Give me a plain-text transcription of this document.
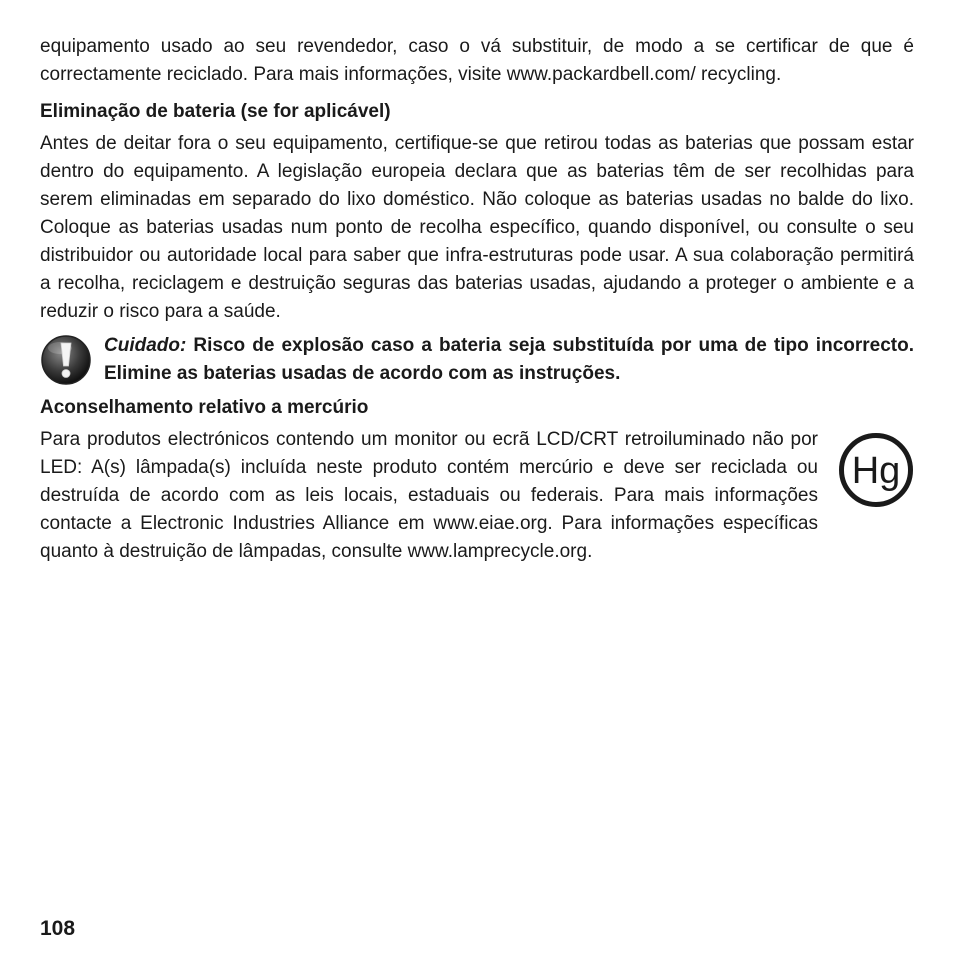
equipamento usado ao seu revendedor, caso o vá substituir, de modo a se certificar de que é correctamente reciclado. Para mais informações, visite www.packardbell.com/ recycling.

Eliminação de bateria (se for aplicável)

Antes de deitar fora o seu equipamento, certifique-se que retirou todas as baterias que possam estar dentro do equipamento. A legislação europeia declara que as baterias têm de ser recolhidas para serem eliminadas em separado do lixo doméstico. Não coloque as baterias usadas no balde do lixo. Coloque as baterias usadas num ponto de recolha específico, quando disponível, ou consulte o seu distribuidor ou autoridade local para saber que infra-estruturas pode usar. A sua colaboração permitirá a recolha, reciclagem e destruição seguras das baterias usadas, ajudando a proteger o ambiente e a reduzir o risco para a saúde.

Cuidado: Risco de explosão caso a bateria seja substituída por uma de tipo incorrecto. Elimine as baterias usadas de acordo com as instruções.

Aconselhamento relativo a mercúrio

Para produtos electrónicos contendo um monitor ou ecrã LCD/CRT retroiluminado não por LED: A(s) lâmpada(s) incluída neste produto contém mercúrio e deve ser reciclada ou destruída de acordo com as leis locais, estaduais ou federais. Para mais informações contacte a Electronic Industries Alliance em www.eiae.org. Para informações específicas quanto à destruição de lâmpadas, consulte www.lamprecycle.org.

Hg
108
